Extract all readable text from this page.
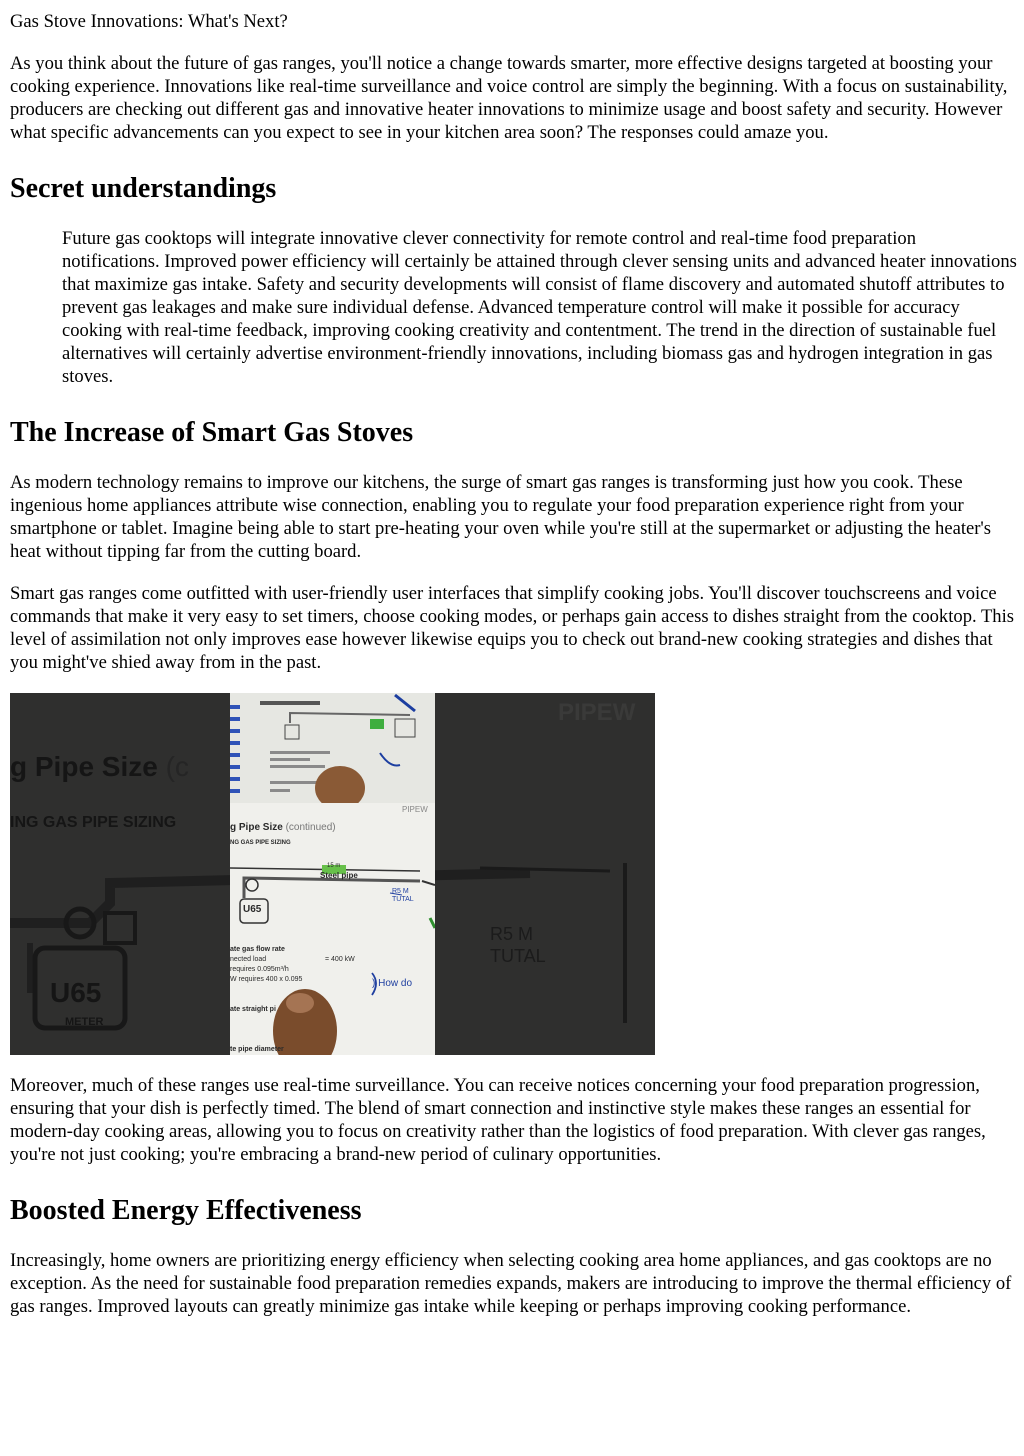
Gas Stove Innovations: What's Next?

As you think about the future of gas ranges, you'll notice a change towards smarter, more effective designs targeted at boosting your cooking experience. Innovations like real-time surveillance and voice control are simply the beginning. With a focus on sustainability, producers are checking out different gas and innovative heater innovations to minimize usage and boost safety and security. However what specific advancements can you expect to see in your kitchen area soon? The responses could amaze you.

Secret understandings
Future gas cooktops will integrate innovative clever connectivity for remote control and real-time food preparation notifications. Improved power efficiency will certainly be attained through clever sensing units and advanced heater innovations that maximize gas intake. Safety and security developments will consist of flame discovery and automated shutoff attributes to prevent gas leakages and make sure individual defense. Advanced temperature control will make it possible for accuracy cooking with real-time feedback, improving cooking creativity and contentment. The trend in the direction of sustainable fuel alternatives will certainly advertise environment-friendly innovations, including biomass gas and hydrogen integration in gas stoves.
The Increase of Smart Gas Stoves

As modern technology remains to improve our kitchens, the surge of smart gas ranges is transforming just how you cook. These ingenious home appliances attribute wise connection, enabling you to regulate your food preparation experience right from your smartphone or tablet. Imagine being able to start pre-heating your oven while you're still at the supermarket or adjusting the heater's heat without tipping far from the cutting board.

Smart gas ranges come outfitted with user-friendly user interfaces that simplify cooking jobs. You'll discover touchscreens and voice commands that make it very easy to set timers, choose cooking modes, or perhaps gain access to dishes straight from the cooktop. This level of assimilation not only improves ease however likewise equips you to check out brand-new cooking strategies and dishes that you might've shied away from in the past.

g Pipe Size (c
ING GAS PIPE SIZING
PIPEW
U65
METER
R5 M
TUTAL
g Pipe Size (continued)
NG GAS PIPE SIZING
PIPEW
Steel pipe
15 m
U65
R5 M
TUTAL
ate gas flow rate
nected load
requires 0.095m³/h
W requires 400 x 0.095
= 400 kW
) How do
ate straight pi
te pipe diameter

Moreover, much of these ranges use real-time surveillance. You can receive notices concerning your food preparation progression, ensuring that your dish is perfectly timed. The blend of smart connection and instinctive style makes these ranges an essential for modern-day cooking areas, allowing you to focus on creativity rather than the logistics of food preparation. With clever gas ranges, you're not just cooking; you're embracing a brand-new period of culinary opportunities.

Boosted Energy Effectiveness

Increasingly, home owners are prioritizing energy efficiency when selecting cooking area home appliances, and gas cooktops are no exception. As the need for sustainable food preparation remedies expands, makers are introducing to improve the thermal efficiency of gas ranges. Improved layouts can greatly minimize gas intake while keeping or perhaps improving cooking performance.
